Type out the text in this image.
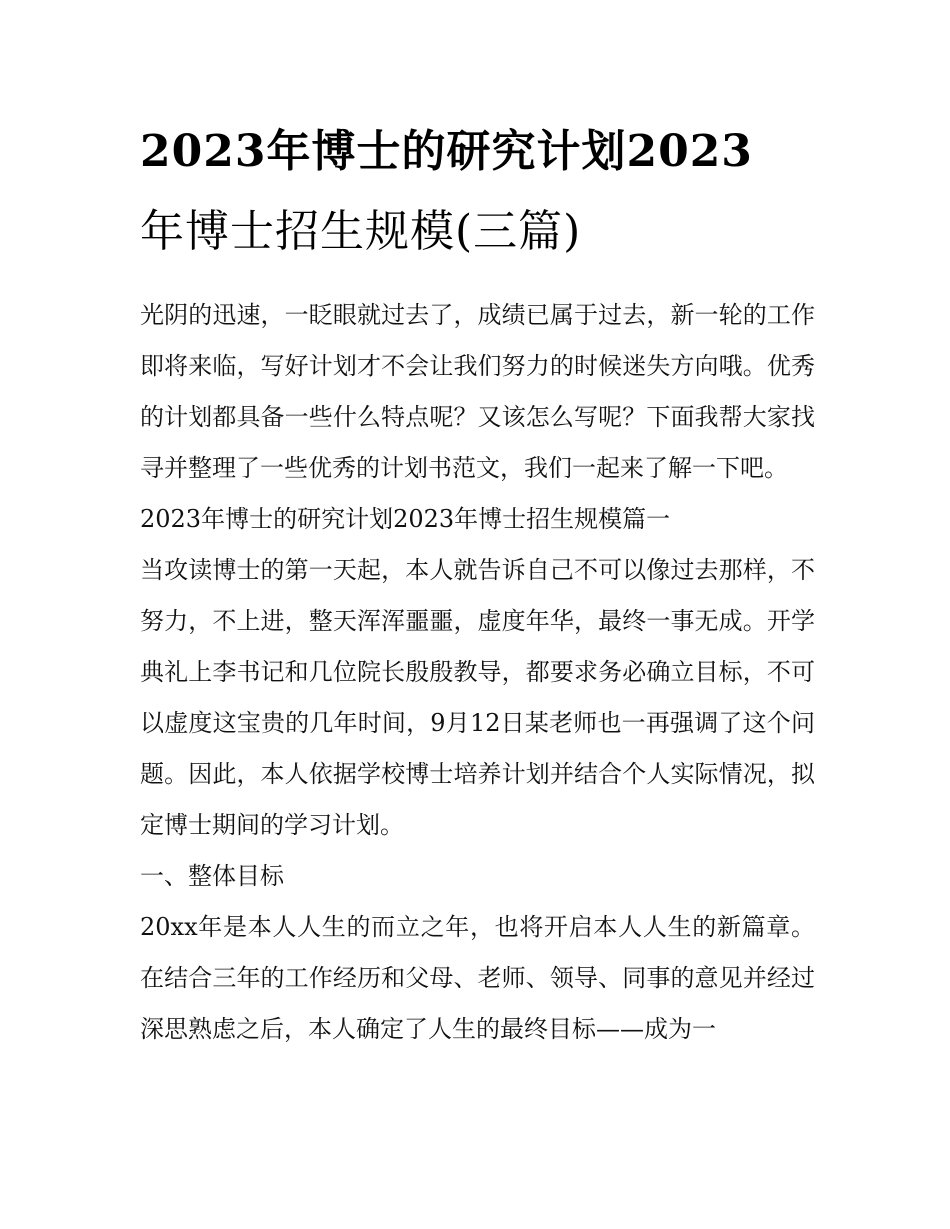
2023年博士的研究计划2023
年博士招生规模(三篇)

光阴的迅速，一眨眼就过去了，成绩已属于过去，新一轮的工作即将来临，写好计划才不会让我们努力的时候迷失方向哦。优秀的计划都具备一些什么特点呢？又该怎么写呢？下面我帮大家找寻并整理了一些优秀的计划书范文，我们一起来了解一下吧。

2023年博士的研究计划2023年博士招生规模篇一

当攻读博士的第一天起，本人就告诉自己不可以像过去那样，不努力，不上进，整天浑浑噩噩，虚度年华，最终一事无成。开学典礼上李书记和几位院长殷殷教导，都要求务必确立目标，不可以虚度这宝贵的几年时间，9月12日某老师也一再强调了这个问题。因此，本人依据学校博士培养计划并结合个人实际情况，拟定博士期间的学习计划。

一、整体目标

20xx年是本人人生的而立之年，也将开启本人人生的新篇章。在结合三年的工作经历和父母、老师、领导、同事的意见并经过深思熟虑之后，本人确定了人生的最终目标——成为一
